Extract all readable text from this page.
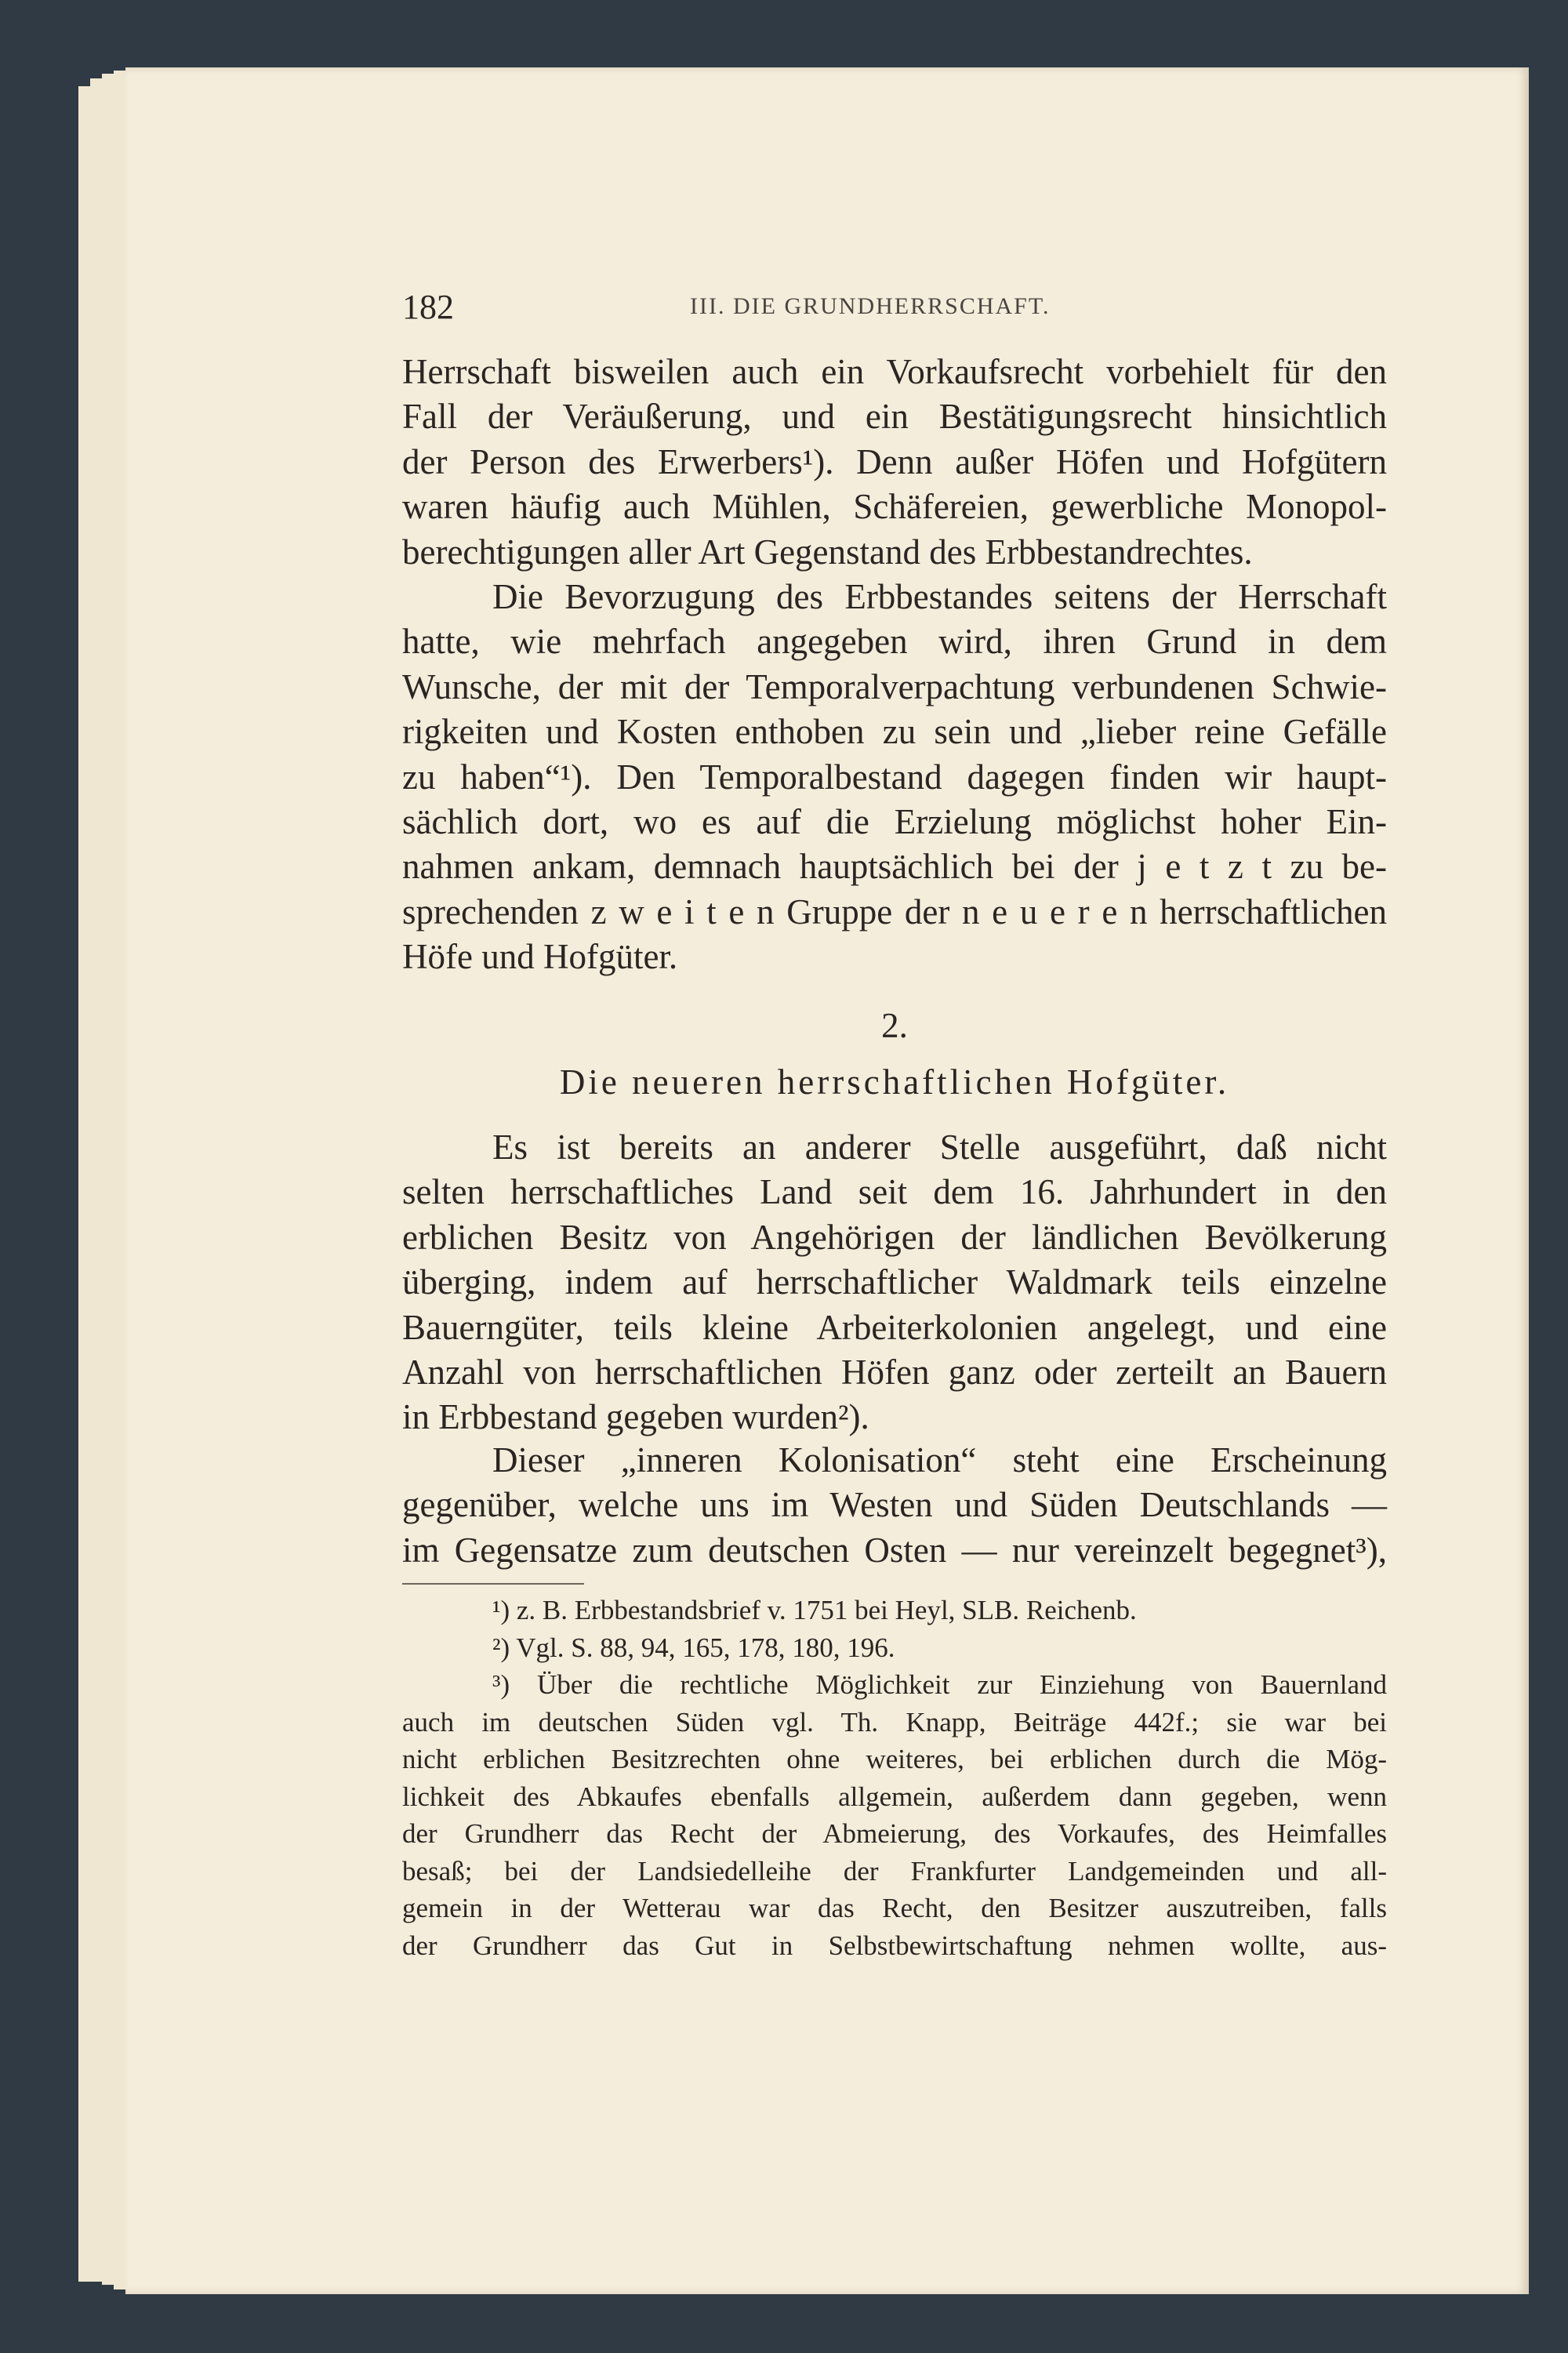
182	III. DIE GRUNDHERRSCHAFT.
Herrschaft bisweilen auch ein Vorkaufsrecht vorbehielt für den
Fall der Veräußerung, und ein Bestätigungsrecht hinsichtlich
der Person des Erwerbers¹). Denn außer Höfen und Hofgütern
waren häufig auch Mühlen, Schäfereien, gewerbliche Monopol-
berechtigungen aller Art Gegenstand des Erbbestandrechtes.
Die Bevorzugung des Erbbestandes seitens der Herrschaft
hatte, wie mehrfach angegeben wird, ihren Grund in dem
Wunsche, der mit der Temporalverpachtung verbundenen Schwie-
rigkeiten und Kosten enthoben zu sein und „lieber reine Gefälle
zu haben“¹). Den Temporalbestand dagegen finden wir haupt-
sächlich dort, wo es auf die Erzielung möglichst hoher Ein-
nahmen ankam, demnach hauptsächlich bei der j e t z t zu be-
sprechenden z w e i t e n Gruppe der n e u e r e n herrschaftlichen
Höfe und Hofgüter.
2.
Die neueren herrschaftlichen Hofgüter.
Es ist bereits an anderer Stelle ausgeführt, daß nicht
selten herrschaftliches Land seit dem 16. Jahrhundert in den
erblichen Besitz von Angehörigen der ländlichen Bevölkerung
überging, indem auf herrschaftlicher Waldmark teils einzelne
Bauerngüter, teils kleine Arbeiterkolonien angelegt, und eine
Anzahl von herrschaftlichen Höfen ganz oder zerteilt an Bauern
in Erbbestand gegeben wurden²).
Dieser „inneren Kolonisation“ steht eine Erscheinung
gegenüber, welche uns im Westen und Süden Deutschlands —
im Gegensatze zum deutschen Osten — nur vereinzelt begegnet³),
¹) z. B. Erbbestandsbrief v. 1751 bei Heyl, SLB. Reichenb.
²) Vgl. S. 88, 94, 165, 178, 180, 196.
³) Über die rechtliche Möglichkeit zur Einziehung von Bauernland
auch im deutschen Süden vgl. Th. Knapp, Beiträge 442f.; sie war bei
nicht erblichen Besitzrechten ohne weiteres, bei erblichen durch die Mög-
lichkeit des Abkaufes ebenfalls allgemein, außerdem dann gegeben, wenn
der Grundherr das Recht der Abmeierung, des Vorkaufes, des Heimfalles
besaß; bei der Landsiedelleihe der Frankfurter Landgemeinden und all-
gemein in der Wetterau war das Recht, den Besitzer auszutreiben, falls
der Grundherr das Gut in Selbstbewirtschaftung nehmen wollte, aus-
